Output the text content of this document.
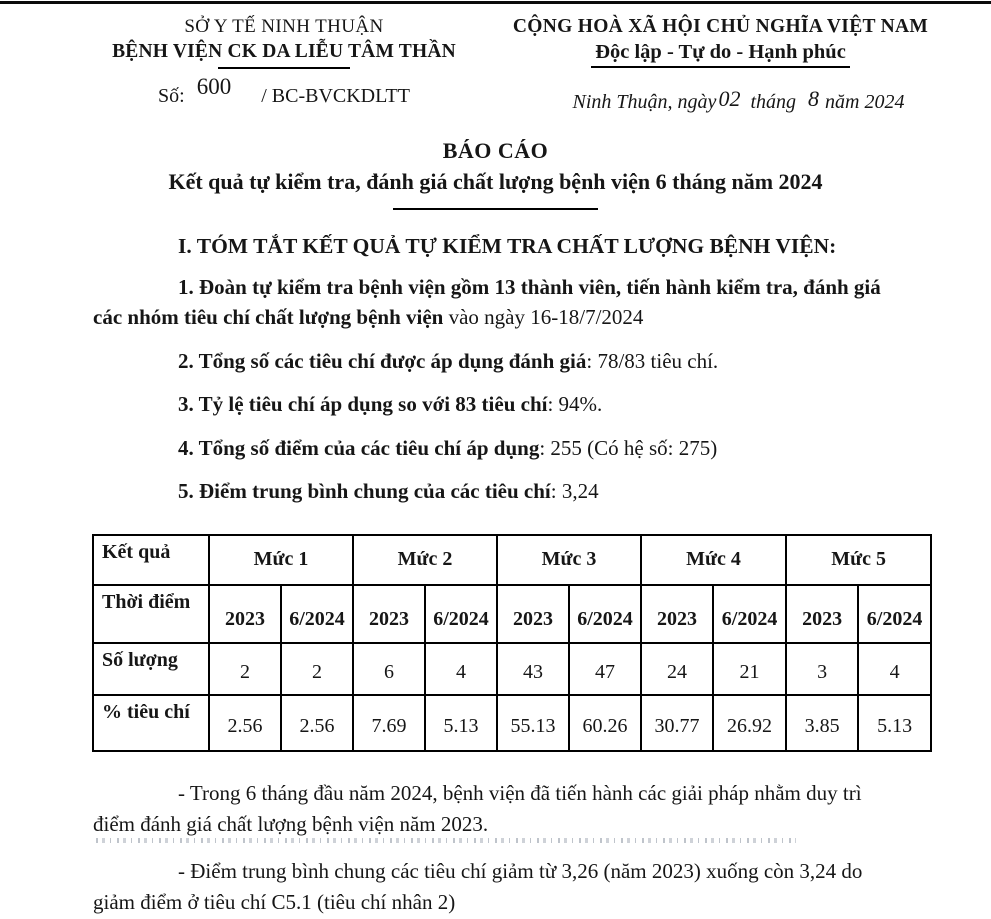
SỞ Y TẾ NINH THUẬN
BỆNH VIỆN CK DA LIỄU TÂM THẦN
Số: 600 / BC-BVCKDLTT
CỘNG HOÀ XÃ HỘI CHỦ NGHĨA VIỆT NAM
Độc lập - Tự do - Hạnh phúc
Ninh Thuận, ngày02 tháng 8 năm 2024
BÁO CÁO
Kết quả tự kiểm tra, đánh giá chất lượng bệnh viện 6 tháng năm 2024
I. TÓM TẮT KẾT QUẢ TỰ KIỂM TRA CHẤT LƯỢNG BỆNH VIỆN:

1. Đoàn tự kiểm tra bệnh viện gồm 13 thành viên, tiến hành kiểm tra, đánh giá các nhóm tiêu chí chất lượng bệnh viện vào ngày 16-18/7/2024

2. Tổng số các tiêu chí được áp dụng đánh giá: 78/83 tiêu chí.

3. Tỷ lệ tiêu chí áp dụng so với 83 tiêu chí: 94%.

4. Tổng số điểm của các tiêu chí áp dụng: 255 (Có hệ số: 275)

5. Điểm trung bình chung của các tiêu chí: 3,24

Kết quả	Mức 1		Mức 2		Mức 3		Mức 4		Mức 5	
Thời điểm	2023	6/2024	2023	6/2024	2023	6/2024	2023	6/2024	2023	6/2024
Số lượng	2	2	6	4	43	47	24	21	3	4
% tiêu chí	2.56	2.56	7.69	5.13	55.13	60.26	30.77	26.92	3.85	5.13

- Trong 6 tháng đầu năm 2024, bệnh viện đã tiến hành các giải pháp nhằm duy trì điểm đánh giá chất lượng bệnh viện năm 2023.

- Điểm trung bình chung các tiêu chí giảm từ 3,26 (năm 2023) xuống còn 3,24 do giảm điểm ở tiêu chí C5.1 (tiêu chí nhân 2)
